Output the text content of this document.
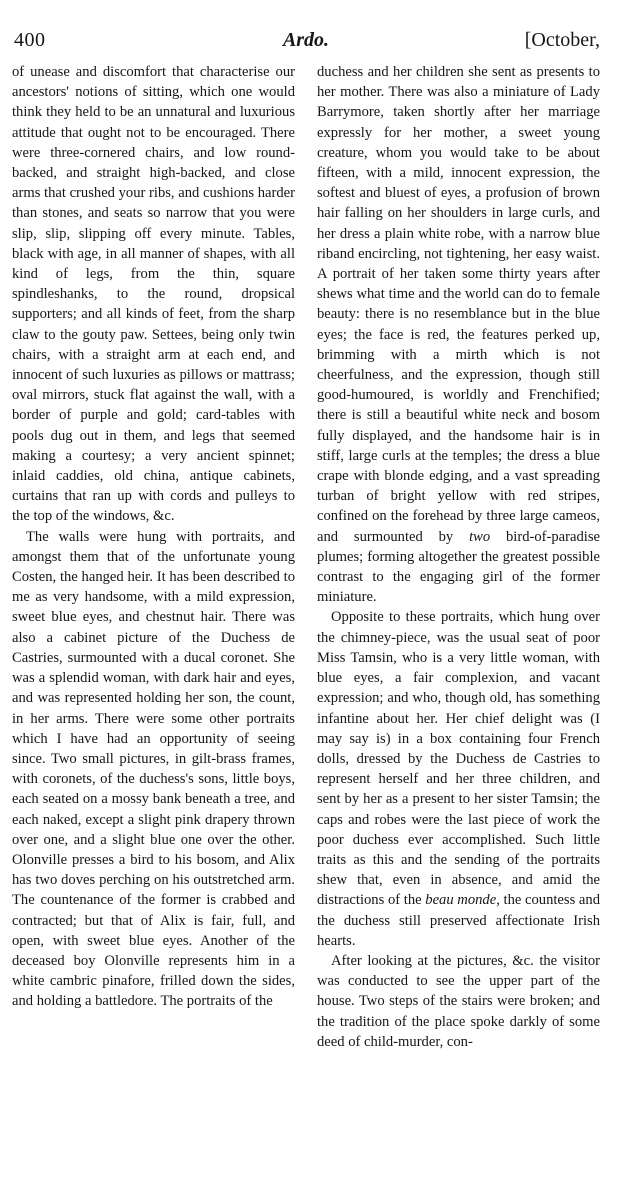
400	Ardo.	[October,

of unease and discomfort that characterise our ancestors' notions of sitting, which one would think they held to be an unnatural and luxurious attitude that ought not to be encouraged. There were three-cornered chairs, and low round-backed, and straight high-backed, and close arms that crushed your ribs, and cushions harder than stones, and seats so narrow that you were slip, slip, slipping off every minute. Tables, black with age, in all manner of shapes, with all kind of legs, from the thin, square spindleshanks, to the round, dropsical supporters; and all kinds of feet, from the sharp claw to the gouty paw. Settees, being only twin chairs, with a straight arm at each end, and innocent of such luxuries as pillows or mattrass; oval mirrors, stuck flat against the wall, with a border of purple and gold; card-tables with pools dug out in them, and legs that seemed making a courtesy; a very ancient spinnet; inlaid caddies, old china, antique cabinets, curtains that ran up with cords and pulleys to the top of the windows, &c.

The walls were hung with portraits, and amongst them that of the unfortunate young Costen, the hanged heir. It has been described to me as very handsome, with a mild expression, sweet blue eyes, and chestnut hair. There was also a cabinet picture of the Duchess de Castries, surmounted with a ducal coronet. She was a splendid woman, with dark hair and eyes, and was represented holding her son, the count, in her arms. There were some other portraits which I have had an opportunity of seeing since. Two small pictures, in gilt-brass frames, with coronets, of the duchess's sons, little boys, each seated on a mossy bank beneath a tree, and each naked, except a slight pink drapery thrown over one, and a slight blue one over the other. Olonville presses a bird to his bosom, and Alix has two doves perching on his outstretched arm. The countenance of the former is crabbed and contracted; but that of Alix is fair, full, and open, with sweet blue eyes. Another of the deceased boy Olonville represents him in a white cambric pinafore, frilled down the sides, and holding a battledore. The portraits of the

duchess and her children she sent as presents to her mother. There was also a miniature of Lady Barrymore, taken shortly after her marriage expressly for her mother, a sweet young creature, whom you would take to be about fifteen, with a mild, innocent expression, the softest and bluest of eyes, a profusion of brown hair falling on her shoulders in large curls, and her dress a plain white robe, with a narrow blue riband encircling, not tightening, her easy waist. A portrait of her taken some thirty years after shews what time and the world can do to female beauty: there is no resemblance but in the blue eyes; the face is red, the features perked up, brimming with a mirth which is not cheerfulness, and the expression, though still good-humoured, is worldly and Frenchified; there is still a beautiful white neck and bosom fully displayed, and the handsome hair is in stiff, large curls at the temples; the dress a blue crape with blonde edging, and a vast spreading turban of bright yellow with red stripes, confined on the forehead by three large cameos, and surmounted by two bird-of-paradise plumes; forming altogether the greatest possible contrast to the engaging girl of the former miniature.

Opposite to these portraits, which hung over the chimney-piece, was the usual seat of poor Miss Tamsin, who is a very little woman, with blue eyes, a fair complexion, and vacant expression; and who, though old, has something infantine about her. Her chief delight was (I may say is) in a box containing four French dolls, dressed by the Duchess de Castries to represent herself and her three children, and sent by her as a present to her sister Tamsin; the caps and robes were the last piece of work the poor duchess ever accomplished. Such little traits as this and the sending of the portraits shew that, even in absence, and amid the distractions of the beau monde, the countess and the duchess still preserved affectionate Irish hearts.

After looking at the pictures, &c. the visitor was conducted to see the upper part of the house. Two steps of the stairs were broken; and the tradition of the place spoke darkly of some deed of child-murder, con-
